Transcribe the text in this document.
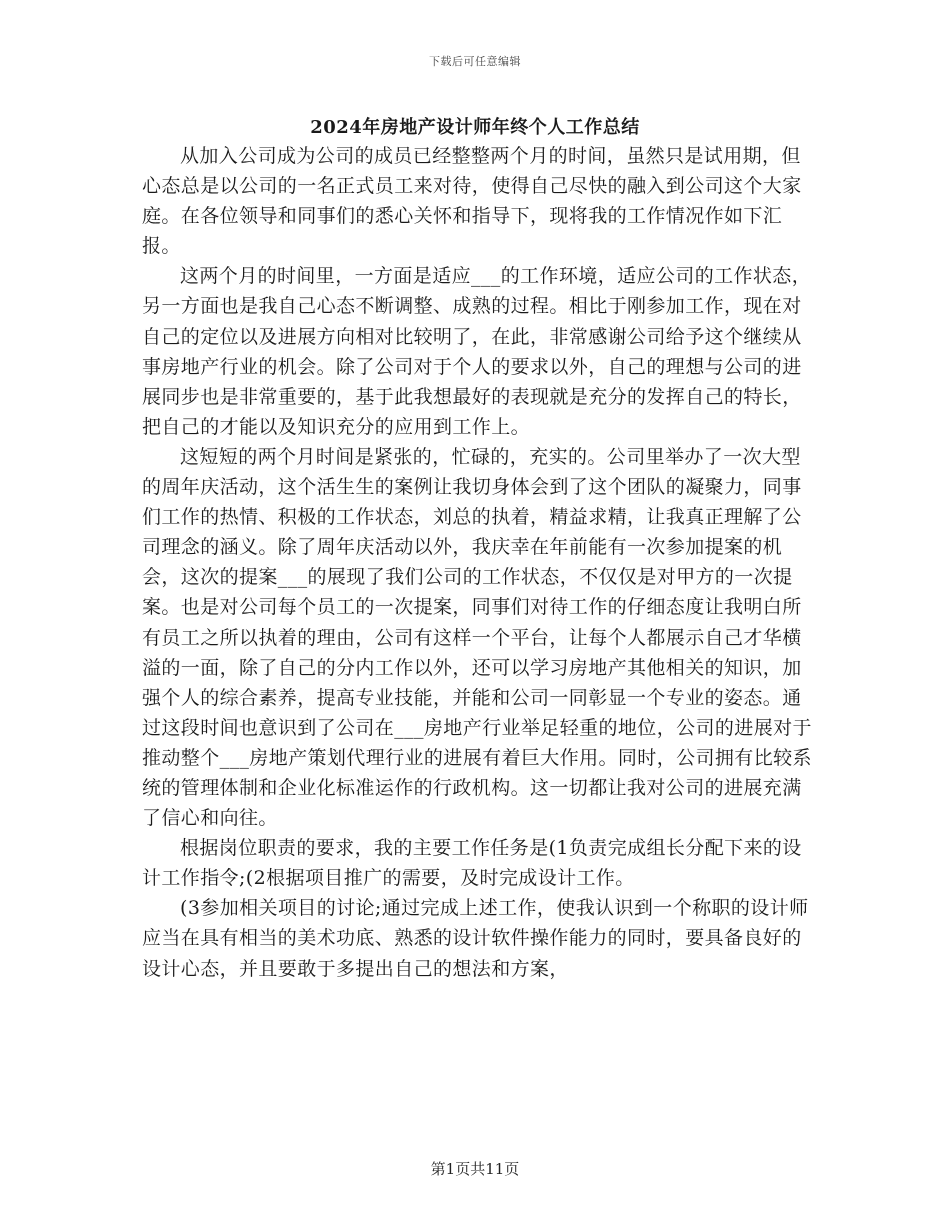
下载后可任意编辑
2024年房地产设计师年终个人工作总结

从加入公司成为公司的成员已经整整两个月的时间，虽然只是试用期，但心态总是以公司的一名正式员工来对待，使得自己尽快的融入到公司这个大家庭。在各位领导和同事们的悉心关怀和指导下，现将我的工作情况作如下汇报。

这两个月的时间里，一方面是适应___的工作环境，适应公司的工作状态，另一方面也是我自己心态不断调整、成熟的过程。相比于刚参加工作，现在对自己的定位以及进展方向相对比较明了，在此，非常感谢公司给予这个继续从事房地产行业的机会。除了公司对于个人的要求以外，自己的理想与公司的进展同步也是非常重要的，基于此我想最好的表现就是充分的发挥自己的特长，把自己的才能以及知识充分的应用到工作上。

这短短的两个月时间是紧张的，忙碌的，充实的。公司里举办了一次大型的周年庆活动，这个活生生的案例让我切身体会到了这个团队的凝聚力，同事们工作的热情、积极的工作状态，刘总的执着，精益求精，让我真正理解了公司理念的涵义。除了周年庆活动以外，我庆幸在年前能有一次参加提案的机会，这次的提案___的展现了我们公司的工作状态，不仅仅是对甲方的一次提案。也是对公司每个员工的一次提案，同事们对待工作的仔细态度让我明白所有员工之所以执着的理由，公司有这样一个平台，让每个人都展示自己才华横溢的一面，除了自己的分内工作以外，还可以学习房地产其他相关的知识，加强个人的综合素养，提高专业技能，并能和公司一同彰显一个专业的姿态。通过这段时间也意识到了公司在___房地产行业举足轻重的地位，公司的进展对于推动整个___房地产策划代理行业的进展有着巨大作用。同时，公司拥有比较系统的管理体制和企业化标准运作的行政机构。这一切都让我对公司的进展充满了信心和向往。

根据岗位职责的要求，我的主要工作任务是(1负责完成组长分配下来的设计工作指令;(2根据项目推广的需要，及时完成设计工作。

(3参加相关项目的讨论;通过完成上述工作，使我认识到一个称职的设计师应当在具有相当的美术功底、熟悉的设计软件操作能力的同时，要具备良好的设计心态，并且要敢于多提出自己的想法和方案，

第1页共11页
